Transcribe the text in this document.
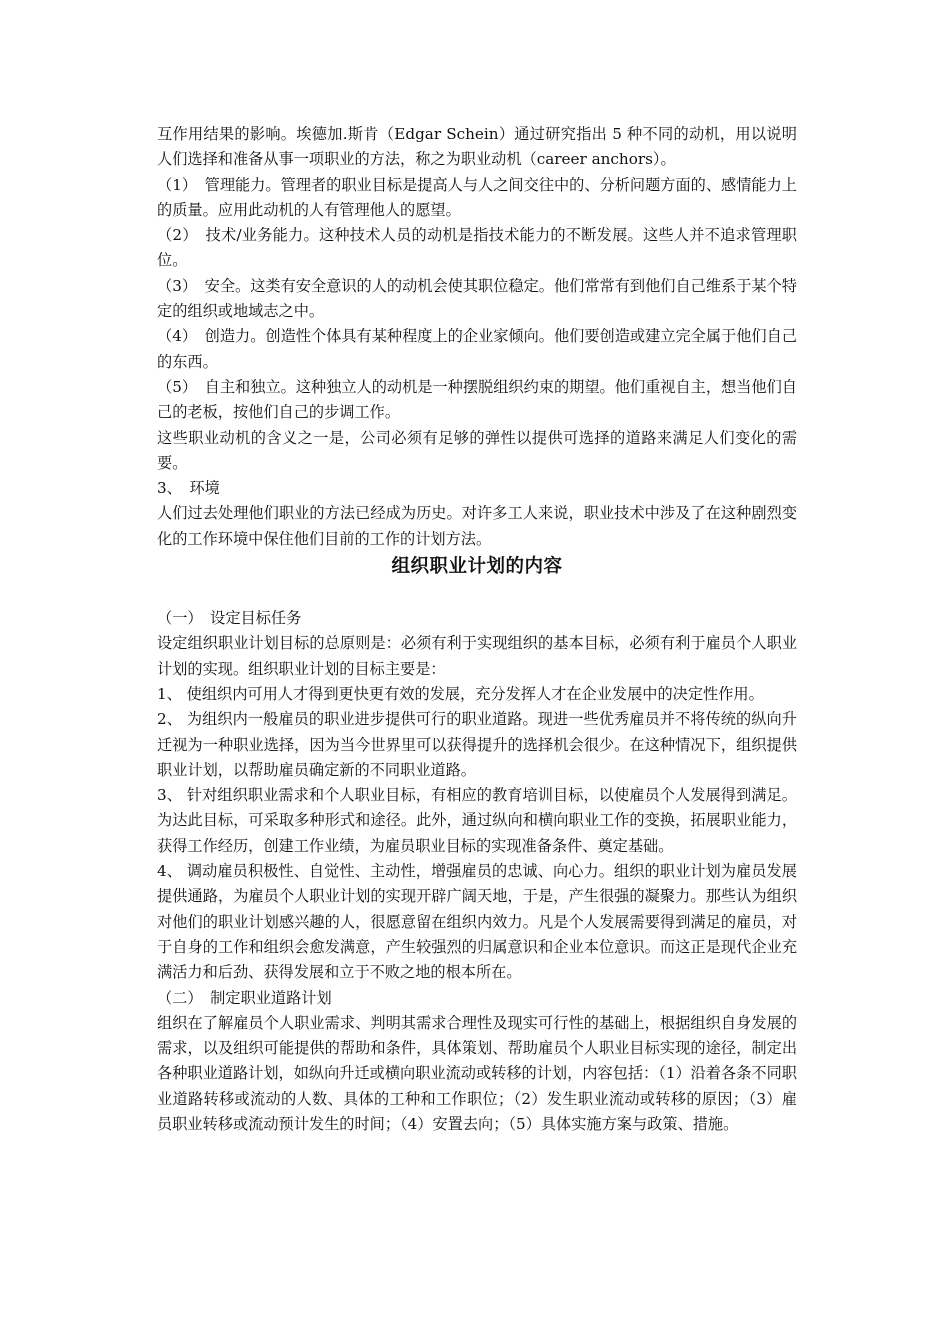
互作用结果的影响。埃德加.斯肯（Edgar Schein）通过研究指出 5 种不同的动机，用以说明人们选择和准备从事一项职业的方法，称之为职业动机（career anchors）。

（1）　管理能力。管理者的职业目标是提高人与人之间交往中的、分析问题方面的、感情能力上的质量。应用此动机的人有管理他人的愿望。

（2）　技术/业务能力。这种技术人员的动机是指技术能力的不断发展。这些人并不追求管理职位。

（3）　安全。这类有安全意识的人的动机会使其职位稳定。他们常常有到他们自己维系于某个特定的组织或地域志之中。

（4）　创造力。创造性个体具有某种程度上的企业家倾向。他们要创造或建立完全属于他们自己的东西。

（5）　自主和独立。这种独立人的动机是一种摆脱组织约束的期望。他们重视自主，想当他们自己的老板，按他们自己的步调工作。

这些职业动机的含义之一是，公司必须有足够的弹性以提供可选择的道路来满足人们变化的需要。

3、　环境

人们过去处理他们职业的方法已经成为历史。对许多工人来说，职业技术中涉及了在这种剧烈变化的工作环境中保住他们目前的工作的计划方法。

组织职业计划的内容

（一）　设定目标任务

设定组织职业计划目标的总原则是：必须有利于实现组织的基本目标，必须有利于雇员个人职业计划的实现。组织职业计划的目标主要是：

1、 使组织内可用人才得到更快更有效的发展，充分发挥人才在企业发展中的决定性作用。

2、 为组织内一般雇员的职业进步提供可行的职业道路。现进一些优秀雇员并不将传统的纵向升迁视为一种职业选择，因为当今世界里可以获得提升的选择机会很少。在这种情况下，组织提供职业计划，以帮助雇员确定新的不同职业道路。

3、 针对组织职业需求和个人职业目标，有相应的教育培训目标，以使雇员个人发展得到满足。为达此目标，可采取多种形式和途径。此外，通过纵向和横向职业工作的变换，拓展职业能力，获得工作经历，创建工作业绩，为雇员职业目标的实现准备条件、奠定基础。

4、 调动雇员积极性、自觉性、主动性，增强雇员的忠诚、向心力。组织的职业计划为雇员发展提供通路，为雇员个人职业计划的实现开辟广阔天地，于是，产生很强的凝聚力。那些认为组织对他们的职业计划感兴趣的人，很愿意留在组织内效力。凡是个人发展需要得到满足的雇员，对于自身的工作和组织会愈发满意，产生较强烈的归属意识和企业本位意识。而这正是现代企业充满活力和后劲、获得发展和立于不败之地的根本所在。

（二）　制定职业道路计划

组织在了解雇员个人职业需求、判明其需求合理性及现实可行性的基础上，根据组织自身发展的需求，以及组织可能提供的帮助和条件，具体策划、帮助雇员个人职业目标实现的途径，制定出各种职业道路计划，如纵向升迁或横向职业流动或转移的计划，内容包括：（1）沿着各条不同职业道路转移或流动的人数、具体的工种和工作职位；（2）发生职业流动或转移的原因；（3）雇员职业转移或流动预计发生的时间；（4）安置去向；（5）具体实施方案与政策、措施。
